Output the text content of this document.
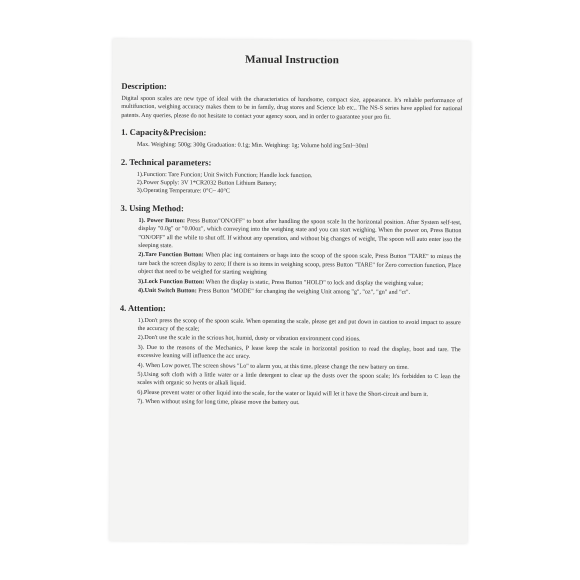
Manual Instruction
Description:

Digital spoon scales are new type of ideal with the characteristics of handsome, compact size, appearance. It's reliable performance of multifunction, weighing accuracy makes them to be in family, drug stores and Science lab etc.. The NS-S series have applied for national patents. Any queries, please do not hesitate to contact your agency soon, and in order to guarantee your pro fit.

1. Capacity&Precision:

Max. Weighing: 500g; 300g Graduation: 0.1g; Min. Weighing: 1g; Volume hold ing:5ml~30ml

2. Technical parameters:

1).Function: Tare Funcion; Unit Switch Function; Handle lock function.

2).Power Supply: 3V 1*CR2032 Button Lithium Battery;

3).Operating Temperature: 0°C~ 40°C

3. Using Method:

1). Power Button: Press Button"ON/OFF" to boot after handling the spoon scale In the horizontal position. After System self-test, display "0.0g" or "0.00oz", which conveying into the weighing state and you can start weighing. When the power on, Press Button "ON/OFF" all the while to shut off. If without any operation, and without big changes of weight, The spoon will auto enter isso the sleeping state.

2).Tare Function Button: When plac ing containers or bags into the scoop of the spoon scale, Press Button "TARE" to minus the tare back the screen display to zero; If there is so items in weighing scoop, press Button "TARE" for Zero correction function, Place object that need to be weighed for starting weighting

3).Lock Function Button: When the display is static, Press Button "HOLD" to lock and display the weighing value;

4).Unit Switch Button: Press Button "MODE" for changing the weighing Unit among "g", "oz", "gn" and "ct".

4. Attention:

1).Don't press the scoop of the spoon scale. When operating the scale, please get and put down in caution to avoid impact to assure the accuracy of the scale;

2).Don't use the scale in the scrious hot, humid, dusty or vibration environment cond itions.

3). Due to the reasons of the Mechanics, P lease keep the scale in horizontal position to read the display, boot and tare. The excessive leaning will influence the acc uracy.

4). When Low power, The screen shows "Lo" to alarm you, at this time, please change the new battery on time.

5).Using soft cloth with a little water or a little detergent to clear up the dusts over the spoon scale; It's forbidden to C lean the scales with organic so lvents or alkali liquid.

6).Please prevent water or other liquid into the scale, for the water or liquid will let it have the Short-circuit and burn it.

7). When without using for long time, please move the battery out.
